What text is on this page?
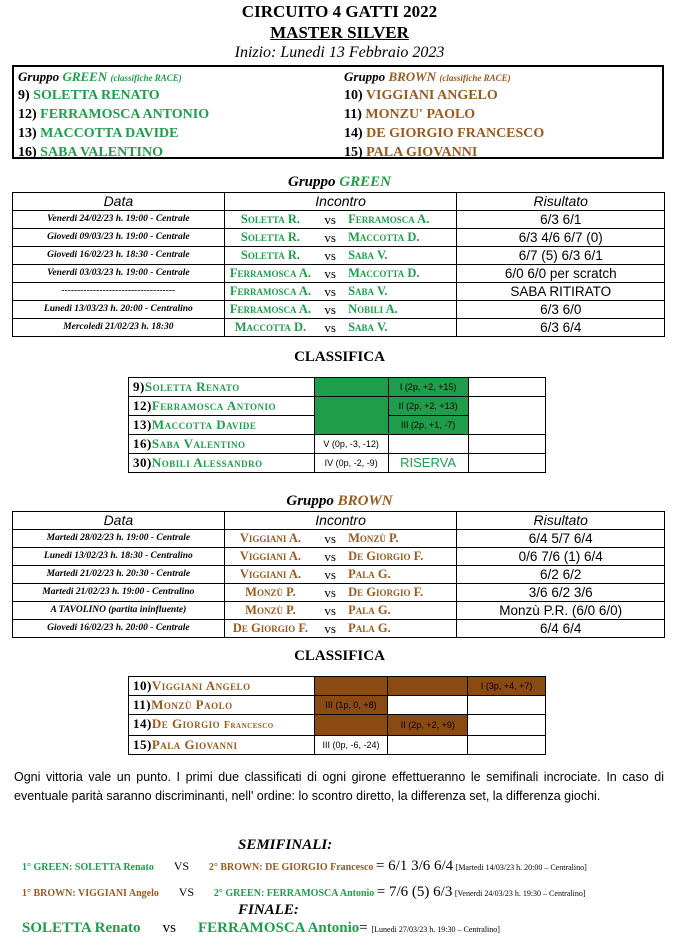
CIRCUITO 4 GATTI 2022
MASTER SILVER
Inizio: Lunedi 13 Febbraio 2023
Gruppo GREEN (classifiche RACE)
9) SOLETTA RENATO
12) FERRAMOSCA ANTONIO
13) MACCOTTA DAVIDE
16) SABA VALENTINO
Gruppo BROWN (classifiche RACE)
10) VIGGIANI ANGELO
11) MONZU' PAOLO
14) DE GIORGIO FRANCESCO
15) PALA GIOVANNI
Gruppo GREEN
Data	Incontro			Risultato
Venerdi 24/02/23 h. 19:00 - Centrale	Soletta R.	vs	Ferramosca A.	6/3 6/1
Giovedi 09/03/23 h. 19:00 - Centrale	Soletta R.	vs	Maccotta D.	6/3 4/6 6/7 (0)
Giovedi 16/02/23 h. 18:30 - Centrale	Soletta R.	vs	Saba V.	6/7 (5) 6/3 6/1
Venerdi 03/03/23 h. 19:00 - Centrale	Ferramosca A.	vs	Maccotta D.	6/0 6/0 per scratch
------------------------------------	Ferramosca A.	vs	Saba V.	SABA RITIRATO
Lunedi 13/03/23 h. 20:00 - Centralino	Ferramosca A.	vs	Nobili A.	6/3 6/0
Mercoledi 21/02/23 h. 18:30	Maccotta D.	vs	Saba V.	6/3 6/4
CLASSIFICA
9)Soletta Renato		I (2p, +2, +15)	
12)Ferramosca Antonio		II (2p, +2, +13)	
13)Maccotta Davide		III (2p, +1, -7)	
16)Saba Valentino	V (0p, -3, -12)		
30)Nobili Alessandro	IV (0p, -2, -9)	RISERVA	
Gruppo BROWN
Data	Incontro			Risultato
Martedi 28/02/23 h. 19:00 - Centrale	Viggiani A.	vs	Monzù P.	6/4 5/7 6/4
Lunedi 13/02/23 h. 18:30 - Centralino	Viggiani A.	vs	De Giorgio F.	0/6 7/6 (1) 6/4
Martedi 21/02/23 h. 20:30 - Centrale	Viggiani A.	vs	Pala G.	6/2 6/2
Martedi 21/02/23 h. 19:00 - Centralino	Monzù P.	vs	De Giorgio F.	3/6 6/2 3/6
A TAVOLINO (partita ininfluente)	Monzù P.	vs	Pala G.	Monzù P.R. (6/0 6/0)
Giovedi 16/02/23 h. 20:00 - Centrale	De Giorgio F.	vs	Pala G.	6/4 6/4
CLASSIFICA
10)Viggiani Angelo			I (3p, +4, +7)
11)Monzù Paolo	III (1p, 0, +8)		
14)De Giorgio Francesco		II (2p, +2, +9)	
15)Pala Giovanni	III (0p, -6, -24)		
Ogni vittoria vale un punto. I primi due classificati di ogni girone effettueranno le semifinali incrociate. In caso di eventuale parità saranno discriminanti, nell' ordine: lo scontro diretto, la differenza set, la differenza giochi.
SEMIFINALI:
1° GREEN: SOLETTA Renato VS 2° BROWN: DE GIORGIO Francesco = 6/1 3/6 6/4 [Martedi 14/03/23 h. 20:00 – Centralino]
1° BROWN: VIGGIANI Angelo VS 2° GREEN: FERRAMOSCA Antonio = 7/6 (5) 6/3 [Venerdi 24/03/23 h. 19:30 – Centralino]
FINALE:
SOLETTA Renato vs FERRAMOSCA Antonio= [Lunedi 27/03/23 h. 19:30 – Centralino]
